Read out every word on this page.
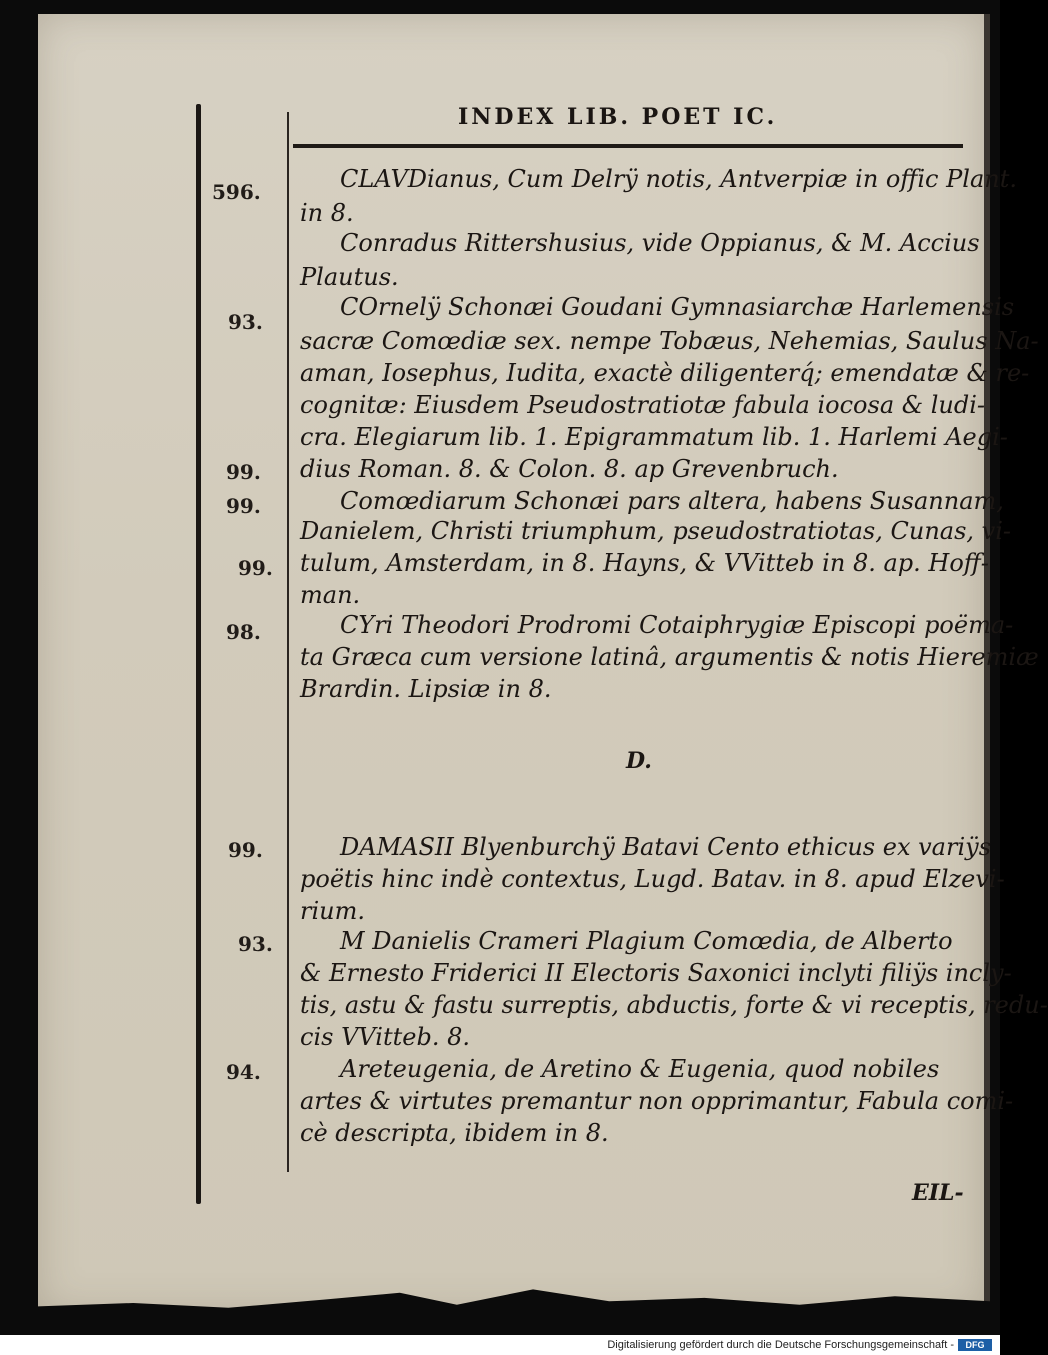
INDEX LIB. POET IC.
CLAVDianus, Cum Delrÿ notis, Antverpiæ in offic Plant.
in 8.
Conradus Rittershusius, vide Oppianus, & M. Accius
Plautus.
COrnelÿ Schonæi Goudani Gymnasiarchæ Harlemensis
sacræ Comœdiæ sex. nempe Tobæus, Nehemias, Saulus Na-
aman, Iosephus, Iudita, exactè diligenterq́; emendatæ & re-
cognitæ: Eiusdem Pseudostratiotæ fabula iocosa & ludi-
cra. Elegiarum lib. 1. Epigrammatum lib. 1. Harlemi Aegi-
dius Roman. 8. & Colon. 8. ap Grevenbruch.
Comœdiarum Schonæi pars altera, habens Susannam,
Danielem, Christi triumphum, pseudostratiotas, Cunas, vi-
tulum, Amsterdam, in 8. Hayns, & VVitteb in 8. ap. Hoff-
man.
CYri Theodori Prodromi Cotaiphrygiæ Episcopi poëma-
ta Græca cum versione latinâ, argumentis & notis Hieremiæ
Brardin. Lipsiæ in 8.
D.
DAMASII Blyenburchÿ Batavi Cento ethicus ex variÿs
poëtis hinc indè contextus, Lugd. Batav. in 8. apud Elzevi-
rium.
M Danielis Crameri Plagium Comœdia, de Alberto
& Ernesto Friderici II Electoris Saxonici inclyti filiÿs incly-
tis, astu & fastu surreptis, abductis, forte & vi receptis, redu-
cis VVitteb. 8.
Areteugenia, de Aretino & Eugenia, quod nobiles
artes & virtutes premantur non opprimantur, Fabula comi-
cè descripta, ibidem in 8.
596.
93.
99.
99.
99.
98.
99.
93.
94.
EIL-
Digitalisierung gefördert durch die Deutsche Forschungsgemeinschaft -	DFG
